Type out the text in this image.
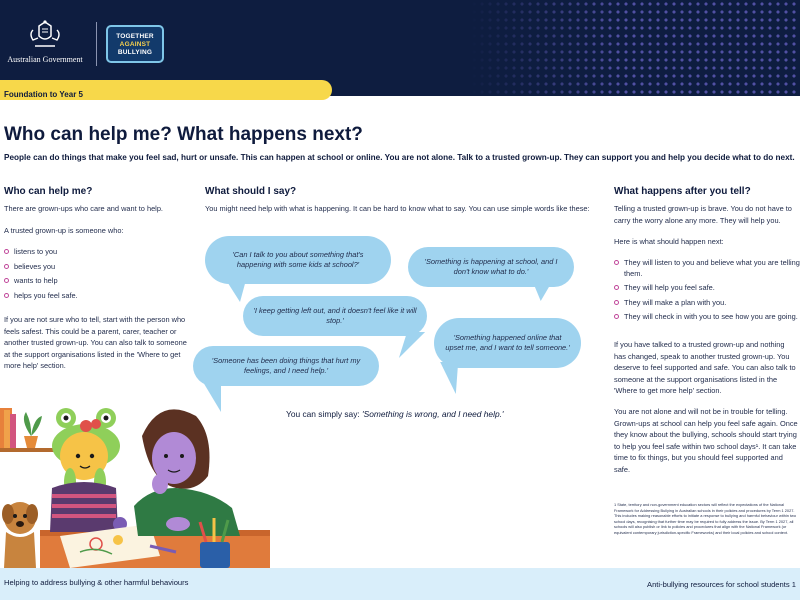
Australian Government
TOGETHER
AGAINST
BULLYING
Foundation to Year 5
Who can help me? What happens next?

People can do things that make you feel sad, hurt or unsafe. This can happen at school or online. You are not alone. Talk to a trusted grown-up. They can support you and help you decide what to do next.

Who can help me?

There are grown-ups who care and want to help.

A trusted grown-up is someone who:

listens to you
believes you
wants to help
helps you feel safe.

If you are not sure who to tell, start with the person who feels safest. This could be a parent, carer, teacher or another trusted grown-up. You can also talk to someone at the support organisations listed in the 'Where to get more help' section.

What should I say?

You might need help with what is happening. It can be hard to know what to say. You can use simple words like these:

'Can I talk to you about something that's happening with some kids at school?'	'Something is happening at school, and I don't know what to do.'
'I keep getting left out, and it doesn't feel like it will stop.'
'Something happened online that upset me, and I want to tell someone.'
'Someone has been doing things that hurt my feelings, and I need help.'
You can simply say: 'Something is wrong, and I need help.'
What happens after you tell?

Telling a trusted grown-up is brave. You do not have to carry the worry alone any more. They will help you.

Here is what should happen next:

They will listen to you and believe what you are telling them.
They will help you feel safe.
They will make a plan with you.
They will check in with you to see how you are going.

If you have talked to a trusted grown-up and nothing has changed, speak to another trusted grown-up. You deserve to feel supported and safe. You can also talk to someone at the support organisations listed in the 'Where to get more help' section.

You are not alone and will not be in trouble for telling. Grown-ups at school can help you feel safe again. Once they know about the bullying, schools should start trying to help you feel safe within two school days¹. It can take time to fix things, but you should feel supported and safe.

1 State, territory and non-government education sectors will reflect the expectations of the National Framework for Addressing Bullying in Australian schools in their policies and procedures by Term 1 2027. This includes making reasonable efforts to initiate a response to bullying and harmful behaviour within two school days, recognising that further time may be required to fully address the issue. By Term 1 2027, all schools will also publish or link to policies and procedures that align with the National Framework (or equivalent contemporary jurisdiction-specific Frameworks) and their local policies and school context.

Helping to address bullying & other harmful behaviours	Anti-bullying resources for school students 1
